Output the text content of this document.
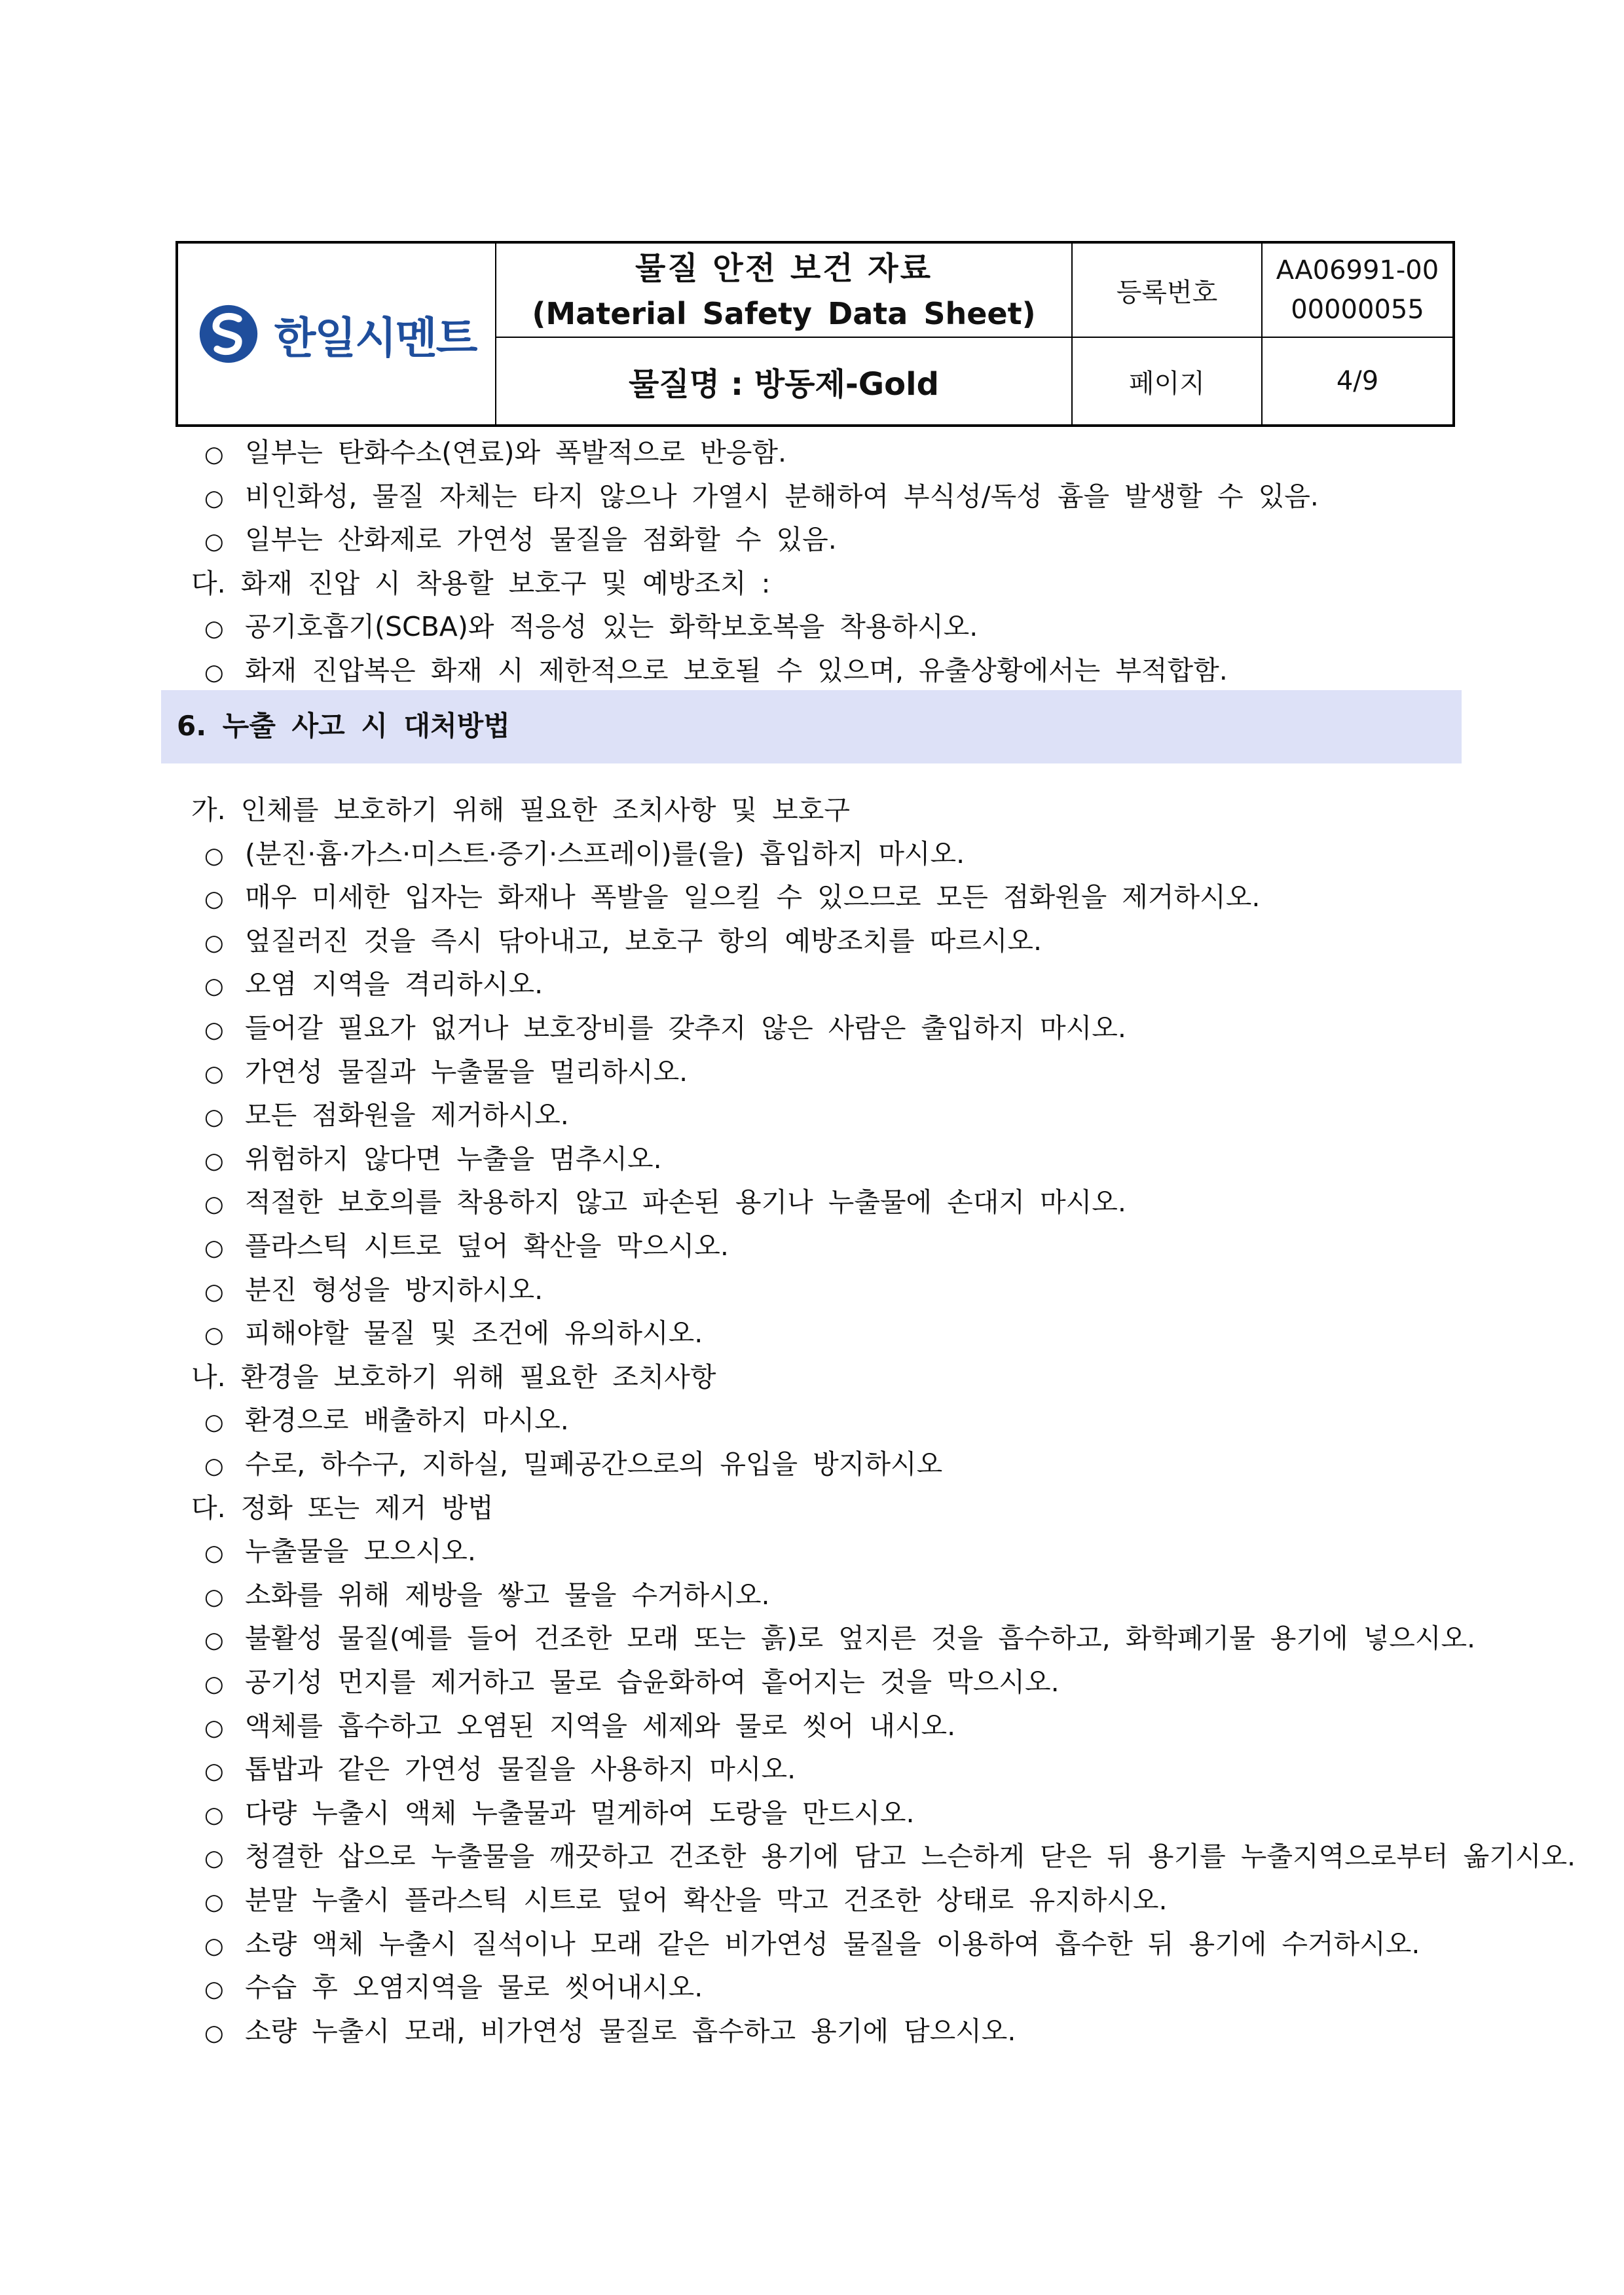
한일시멘트
물질 안전 보건 자료
(Material Safety Data Sheet)
물질명 : 방동제-Gold
등록번호
페이지
AA06991-00
00000055
4/9
6. 누출 사고 시 대처방법
○ 일부는 탄화수소(연료)와 폭발적으로 반응함.
○ 비인화성, 물질 자체는 타지 않으나 가열시 분해하여 부식성/독성 흄을 발생할 수 있음.
○ 일부는 산화제로 가연성 물질을 점화할 수 있음.
다. 화재 진압 시 착용할 보호구 및 예방조치 :
○ 공기호흡기(SCBA)와 적응성 있는 화학보호복을 착용하시오.
○ 화재 진압복은 화재 시 제한적으로 보호될 수 있으며, 유출상황에서는 부적합함.
가. 인체를 보호하기 위해 필요한 조치사항 및 보호구
○ (분진·흄·가스·미스트·증기·스프레이)를(을) 흡입하지 마시오.
○ 매우 미세한 입자는 화재나 폭발을 일으킬 수 있으므로 모든 점화원을 제거하시오.
○ 엎질러진 것을 즉시 닦아내고, 보호구 항의 예방조치를 따르시오.
○ 오염 지역을 격리하시오.
○ 들어갈 필요가 없거나 보호장비를 갖추지 않은 사람은 출입하지 마시오.
○ 가연성 물질과 누출물을 멀리하시오.
○ 모든 점화원을 제거하시오.
○ 위험하지 않다면 누출을 멈추시오.
○ 적절한 보호의를 착용하지 않고 파손된 용기나 누출물에 손대지 마시오.
○ 플라스틱 시트로 덮어 확산을 막으시오.
○ 분진 형성을 방지하시오.
○ 피해야할 물질 및 조건에 유의하시오.
나. 환경을 보호하기 위해 필요한 조치사항
○ 환경으로 배출하지 마시오.
○ 수로, 하수구, 지하실, 밀폐공간으로의 유입을 방지하시오
다. 정화 또는 제거 방법
○ 누출물을 모으시오.
○ 소화를 위해 제방을 쌓고 물을 수거하시오.
○ 불활성 물질(예를 들어 건조한 모래 또는 흙)로 엎지른 것을 흡수하고, 화학폐기물 용기에 넣으시오.
○ 공기성 먼지를 제거하고 물로 습윤화하여 흩어지는 것을 막으시오.
○ 액체를 흡수하고 오염된 지역을 세제와 물로 씻어 내시오.
○ 톱밥과 같은 가연성 물질을 사용하지 마시오.
○ 다량 누출시 액체 누출물과 멀게하여 도랑을 만드시오.
○ 청결한 삽으로 누출물을 깨끗하고 건조한 용기에 담고 느슨하게 닫은 뒤 용기를 누출지역으로부터 옮기시오.
○ 분말 누출시 플라스틱 시트로 덮어 확산을 막고 건조한 상태로 유지하시오.
○ 소량 액체 누출시 질석이나 모래 같은 비가연성 물질을 이용하여 흡수한 뒤 용기에 수거하시오.
○ 수습 후 오염지역을 물로 씻어내시오.
○ 소량 누출시 모래, 비가연성 물질로 흡수하고 용기에 담으시오.
